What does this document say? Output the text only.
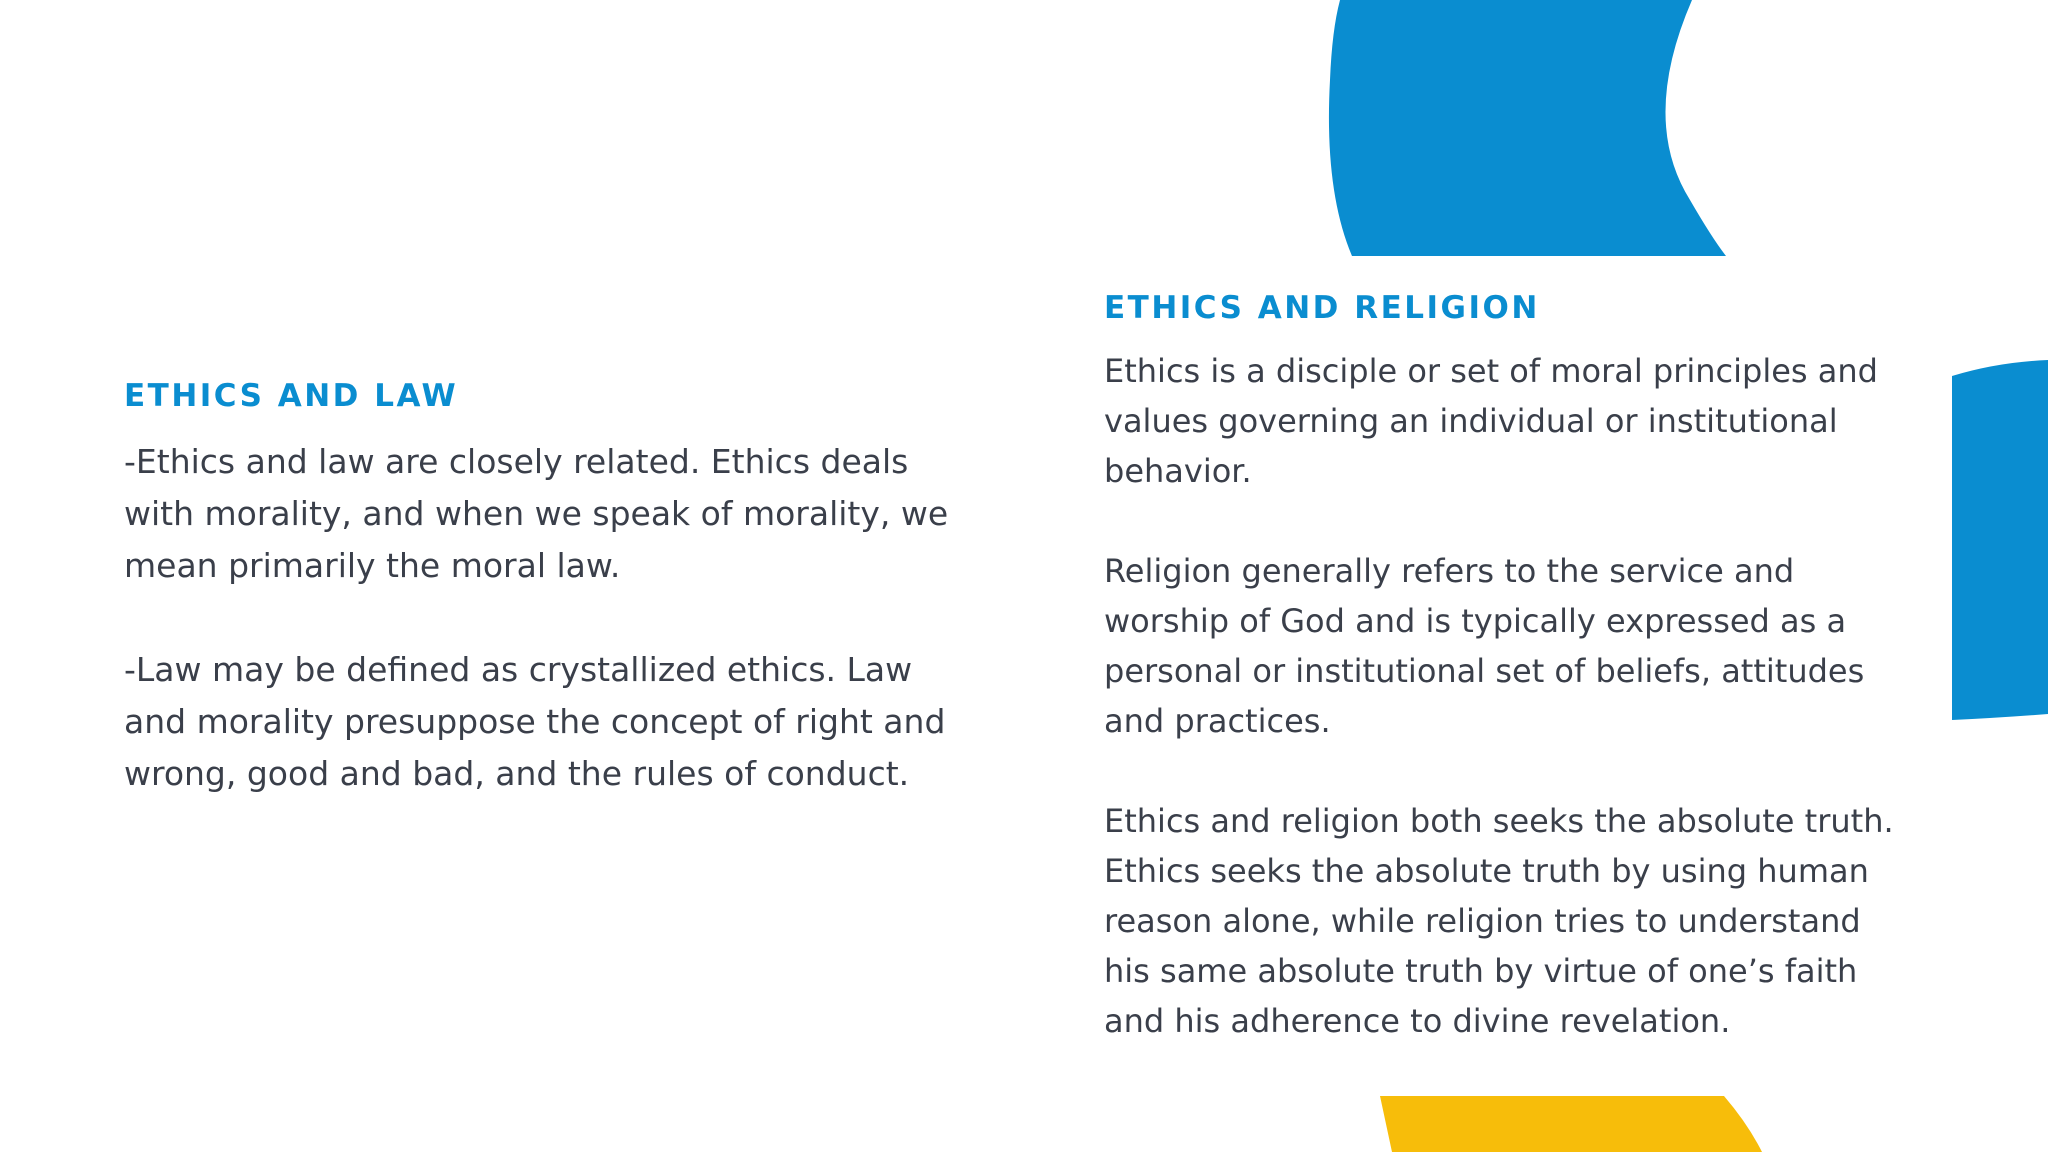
ETHICS AND LAW

-Ethics and law are closely related. Ethics deals with morality, and when we speak of morality, we mean primarily the moral law.

-Law may be defined as crystallized ethics. Law and morality presuppose the concept of right and wrong, good and bad, and the rules of conduct.

ETHICS AND RELIGION

Ethics is a disciple or set of moral principles and values governing an individual or institutional behavior.

Religion generally refers to the service and worship of God and is typically expressed as a personal or institutional set of beliefs, attitudes and practices.

Ethics and religion both seeks the absolute truth. Ethics seeks the absolute truth by using human reason alone, while religion tries to understand his same absolute truth by virtue of one’s faith and his adherence to divine revelation.
